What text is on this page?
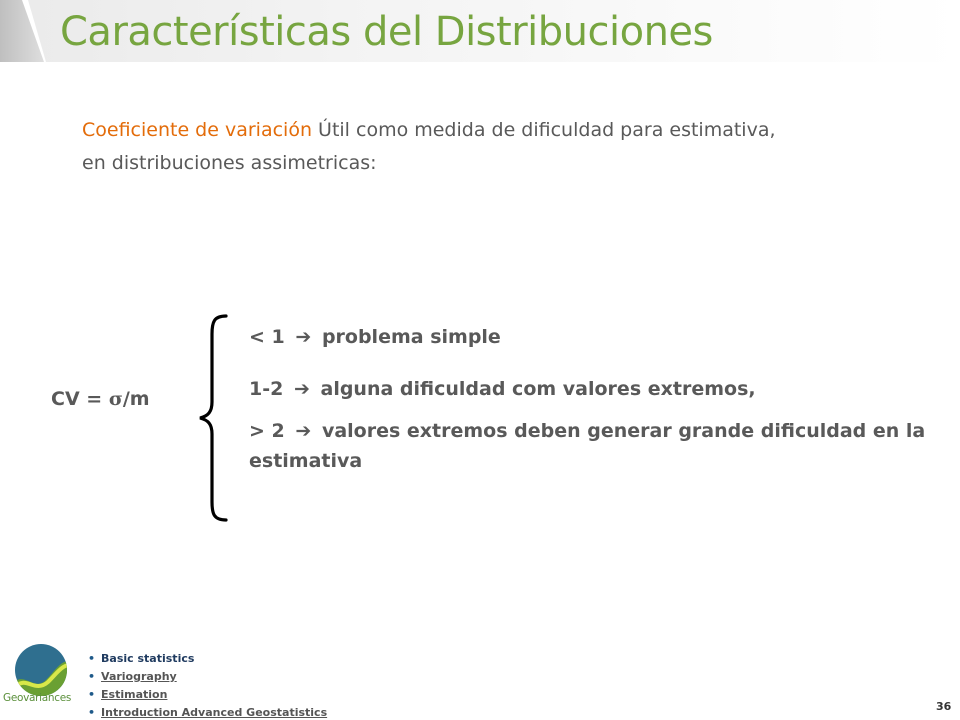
Características del Distribuciones
Coeficiente de variación Útil como medida de dificuldad para estimativa,
en distribuciones assimetricas:
CV = σ/m
< 1 ➔ problema simple
1-2 ➔ alguna dificuldad com valores extremos,
> 2 ➔ valores extremos deben generar grande dificuldad en la
estimativa
Geovariances
• Basic statistics
• Variography
• Estimation
• Introduction Advanced Geostatistics	36
